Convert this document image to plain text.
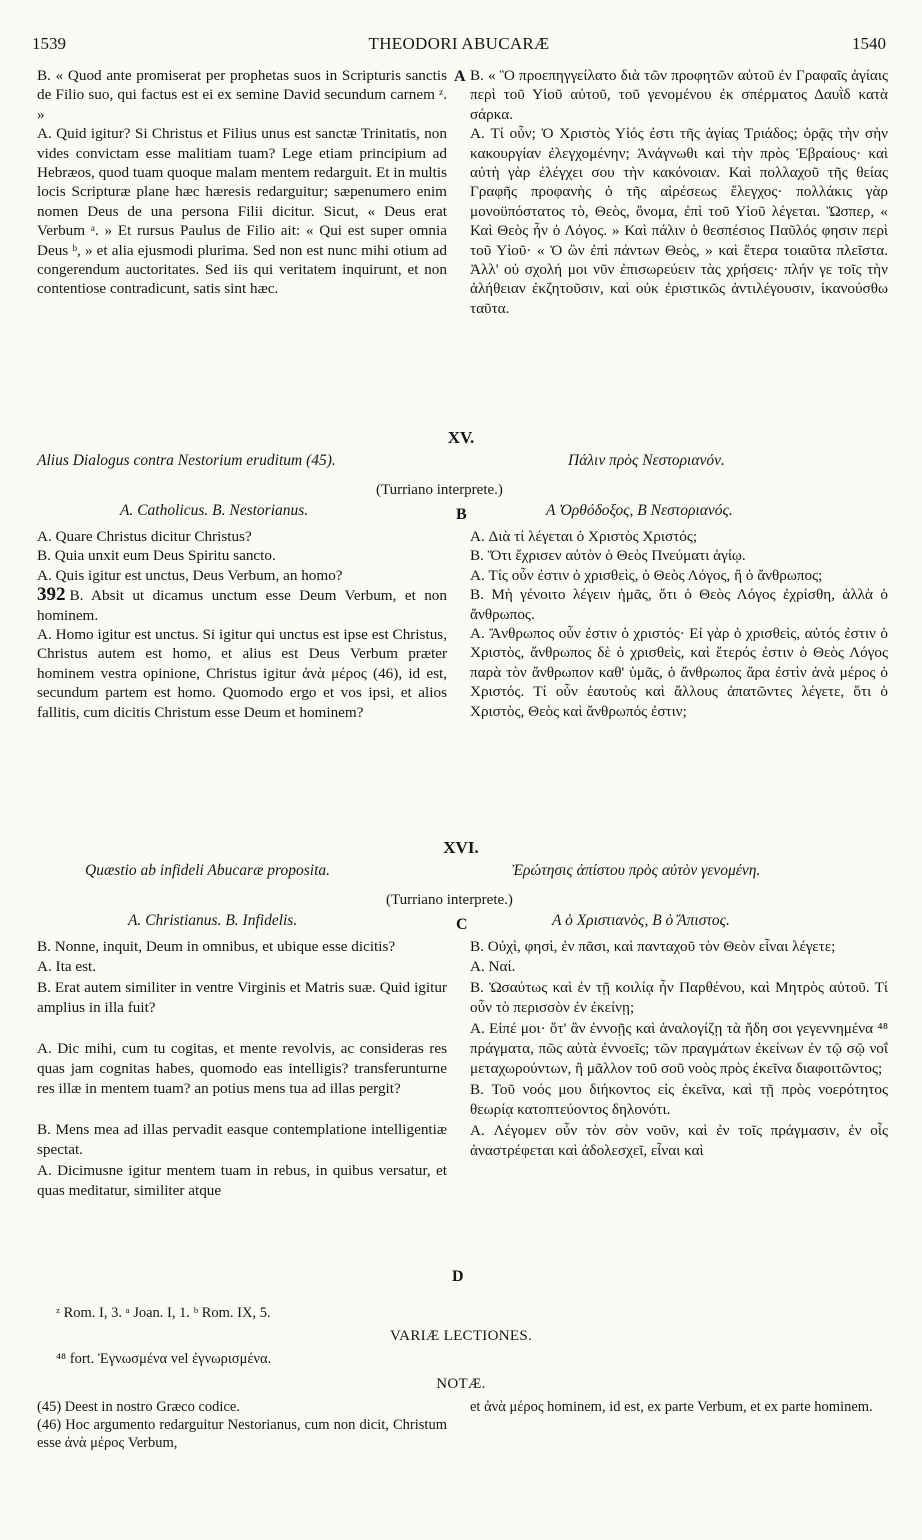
1539	THEODORI ABUCARÆ	1540

B. « Quod ante promiserat per prophetas suos in Scripturis sanctis de Filio suo, qui factus est ei ex semine David secundum carnem ᶻ. »

A. Quid igitur? Si Christus et Filius unus est sanctæ Trinitatis, non vides convictam esse malitiam tuam? Lege etiam principium ad Hebræos, quod tuam quoque malam mentem redarguit. Et in multis locis Scripturæ plane hæc hæresis redarguitur; sæpenumero enim nomen Deus de una persona Filii dicitur. Sicut, « Deus erat Verbum ᵃ. » Et rursus Paulus de Filio ait: « Qui est super omnia Deus ᵇ, » et alia ejusmodi plurima. Sed non est nunc mihi otium ad congerendum auctoritates. Sed iis qui veritatem inquirunt, et non contentiose contradicunt, satis sint hæc.

A B. « Ὃ προεπηγγείλατο διὰ τῶν προφητῶν αὐτοῦ ἐν Γραφαῖς ἁγίαις περὶ τοῦ Υἱοῦ αὐτοῦ, τοῦ γενομένου ἐκ σπέρματος Δαυῒδ κατὰ σάρκα.

A. Τί οὖν; Ὁ Χριστὸς Υἱός ἐστι τῆς ἁγίας Τριάδος; ὁρᾷς τὴν σὴν κακουργίαν ἐλεγχομένην; Ἀνάγνωθι καὶ τὴν πρὸς Ἑβραίους· καὶ αὐτὴ γὰρ ἐλέγχει σου τὴν κακόνοιαν. Καὶ πολλαχοῦ τῆς θείας Γραφῆς προφανὴς ὁ τῆς αἱρέσεως ἔλεγχος· πολλάκις γὰρ μονοϋπόστατος τὸ, Θεὸς, ὄνομα, ἐπὶ τοῦ Υἱοῦ λέγεται. Ὥσπερ, « Καὶ Θεὸς ἦν ὁ Λόγος. » Καὶ πάλιν ὁ θεσπέσιος Παῦλός φησιν περὶ τοῦ Υἱοῦ· « Ὁ ὢν ἐπὶ πάντων Θεὸς, » καὶ ἕτερα τοιαῦτα πλεῖστα. Ἀλλ' οὐ σχολή μοι νῦν ἐπισωρεύειν τὰς χρήσεις· πλήν γε τοῖς τὴν ἀλήθειαν ἐκζητοῦσιν, καὶ οὐκ ἐριστικῶς ἀντιλέγουσιν, ἱκανούσθω ταῦτα.

XV.
Alius Dialogus contra Nestorium eruditum (45).	Πάλιν πρὸς Νεστοριανόν.
(Turriano interprete.)
A. Catholicus. B. Nestorianus.	B	A Ὀρθόδοξος, B Νεστοριανός.

A. Quare Christus dicitur Christus?

B. Quia unxit eum Deus Spiritu sancto.

A. Quis igitur est unctus, Deus Verbum, an homo?

392 B. Absit ut dicamus unctum esse Deum Verbum, et non hominem.

A. Homo igitur est unctus. Si igitur qui unctus est ipse est Christus, Christus autem est homo, et alius est Deus Verbum præter hominem vestra opinione, Christus igitur ἀνὰ μέρος (46), id est, secundum partem est homo. Quomodo ergo et vos ipsi, et alios fallitis, cum dicitis Christum esse Deum et hominem?

A. Διὰ τί λέγεται ὁ Χριστὸς Χριστός;

B. Ὅτι ἔχρισεν αὐτὸν ὁ Θεὸς Πνεύματι ἁγίῳ.

A. Τίς οὖν ἐστιν ὁ χρισθεὶς, ὁ Θεὸς Λόγος, ἢ ὁ ἄνθρωπος;

B. Μὴ γένοιτο λέγειν ἡμᾶς, ὅτι ὁ Θεὸς Λόγος ἐχρίσθη, ἀλλὰ ὁ ἄνθρωπος.

A. Ἄνθρωπος οὖν ἐστιν ὁ χριστός· Εἰ γὰρ ὁ χρισθεὶς, αὐτός ἐστιν ὁ Χριστὸς, ἄνθρωπος δὲ ὁ χρισθεὶς, καὶ ἕτερός ἐστιν ὁ Θεὸς Λόγος παρὰ τὸν ἄνθρωπον καθ' ὑμᾶς, ὁ ἄνθρωπος ἄρα ἐστὶν ἀνὰ μέρος ὁ Χριστός. Τί οὖν ἑαυτοὺς καὶ ἄλλους ἀπατῶντες λέγετε, ὅτι ὁ Χριστὸς, Θεὸς καὶ ἄνθρωπός ἐστιν;

XVI.
Quæstio ab infideli Abucaræ proposita.	Ἐρώτησις ἀπίστου πρὸς αὐτὸν γενομένη.
(Turriano interprete.)
A. Christianus. B. Infidelis.	C	A ὁ Χριστιανὸς, B ὁ Ἄπιστος.

B. Nonne, inquit, Deum in omnibus, et ubique esse dicitis?

A. Ita est.

B. Erat autem similiter in ventre Virginis et Matris suæ. Quid igitur amplius in illa fuit?

A. Dic mihi, cum tu cogitas, et mente revolvis, ac consideras res quas jam cognitas habes, quomodo eas intelligis? transferunturne res illæ in mentem tuam? an potius mens tua ad illas pergit?

B. Mens mea ad illas pervadit easque contemplatione intelligentiæ spectat.

A. Dicimusne igitur mentem tuam in rebus, in quibus versatur, et quas meditatur, similiter atque

D

B. Οὐχὶ, φησὶ, ἐν πᾶσι, καὶ πανταχοῦ τὸν Θεὸν εἶναι λέγετε;

A. Ναί.

B. Ὡσαύτως καὶ ἐν τῇ κοιλίᾳ ἦν Παρθένου, καὶ Μητρὸς αὐτοῦ. Τί οὖν τὸ περισσὸν ἐν ἐκείνῃ;

A. Εἰπέ μοι· ὅτ' ἂν ἐννοῇς καὶ ἀναλογίζῃ τὰ ἤδη σοι γεγεννημένα ⁴⁸ πράγματα, πῶς αὐτὰ ἐννοεῖς; τῶν πραγμάτων ἐκείνων ἐν τῷ σῷ νοΐ μεταχωρούντων, ἢ μᾶλλον τοῦ σοῦ νοὸς πρὸς ἐκεῖνα διαφοιτῶντος;

B. Τοῦ νοός μου διήκοντος εἰς ἐκεῖνα, καὶ τῇ πρὸς νοερότητος θεωρίᾳ κατοπτεύοντος δηλονότι.

A. Λέγομεν οὖν τὸν σὸν νοῦν, καὶ ἐν τοῖς πράγμασιν, ἐν οἷς ἀναστρέφεται καὶ ἀδολεσχεῖ, εἶναι καὶ

ᶻ Rom. I, 3. ᵃ Joan. I, 1. ᵇ Rom. IX, 5.
VARIÆ LECTIONES.
⁴⁸ fort. Ἐγνωσμένα vel ἐγνωρισμένα.
NOTÆ.

(45) Deest in nostro Græco codice.

(46) Hoc argumento redarguitur Nestorianus, cum non dicit, Christum esse ἀνὰ μέρος Verbum,

et ἀνὰ μέρος hominem, id est, ex parte Verbum, et ex parte hominem.
